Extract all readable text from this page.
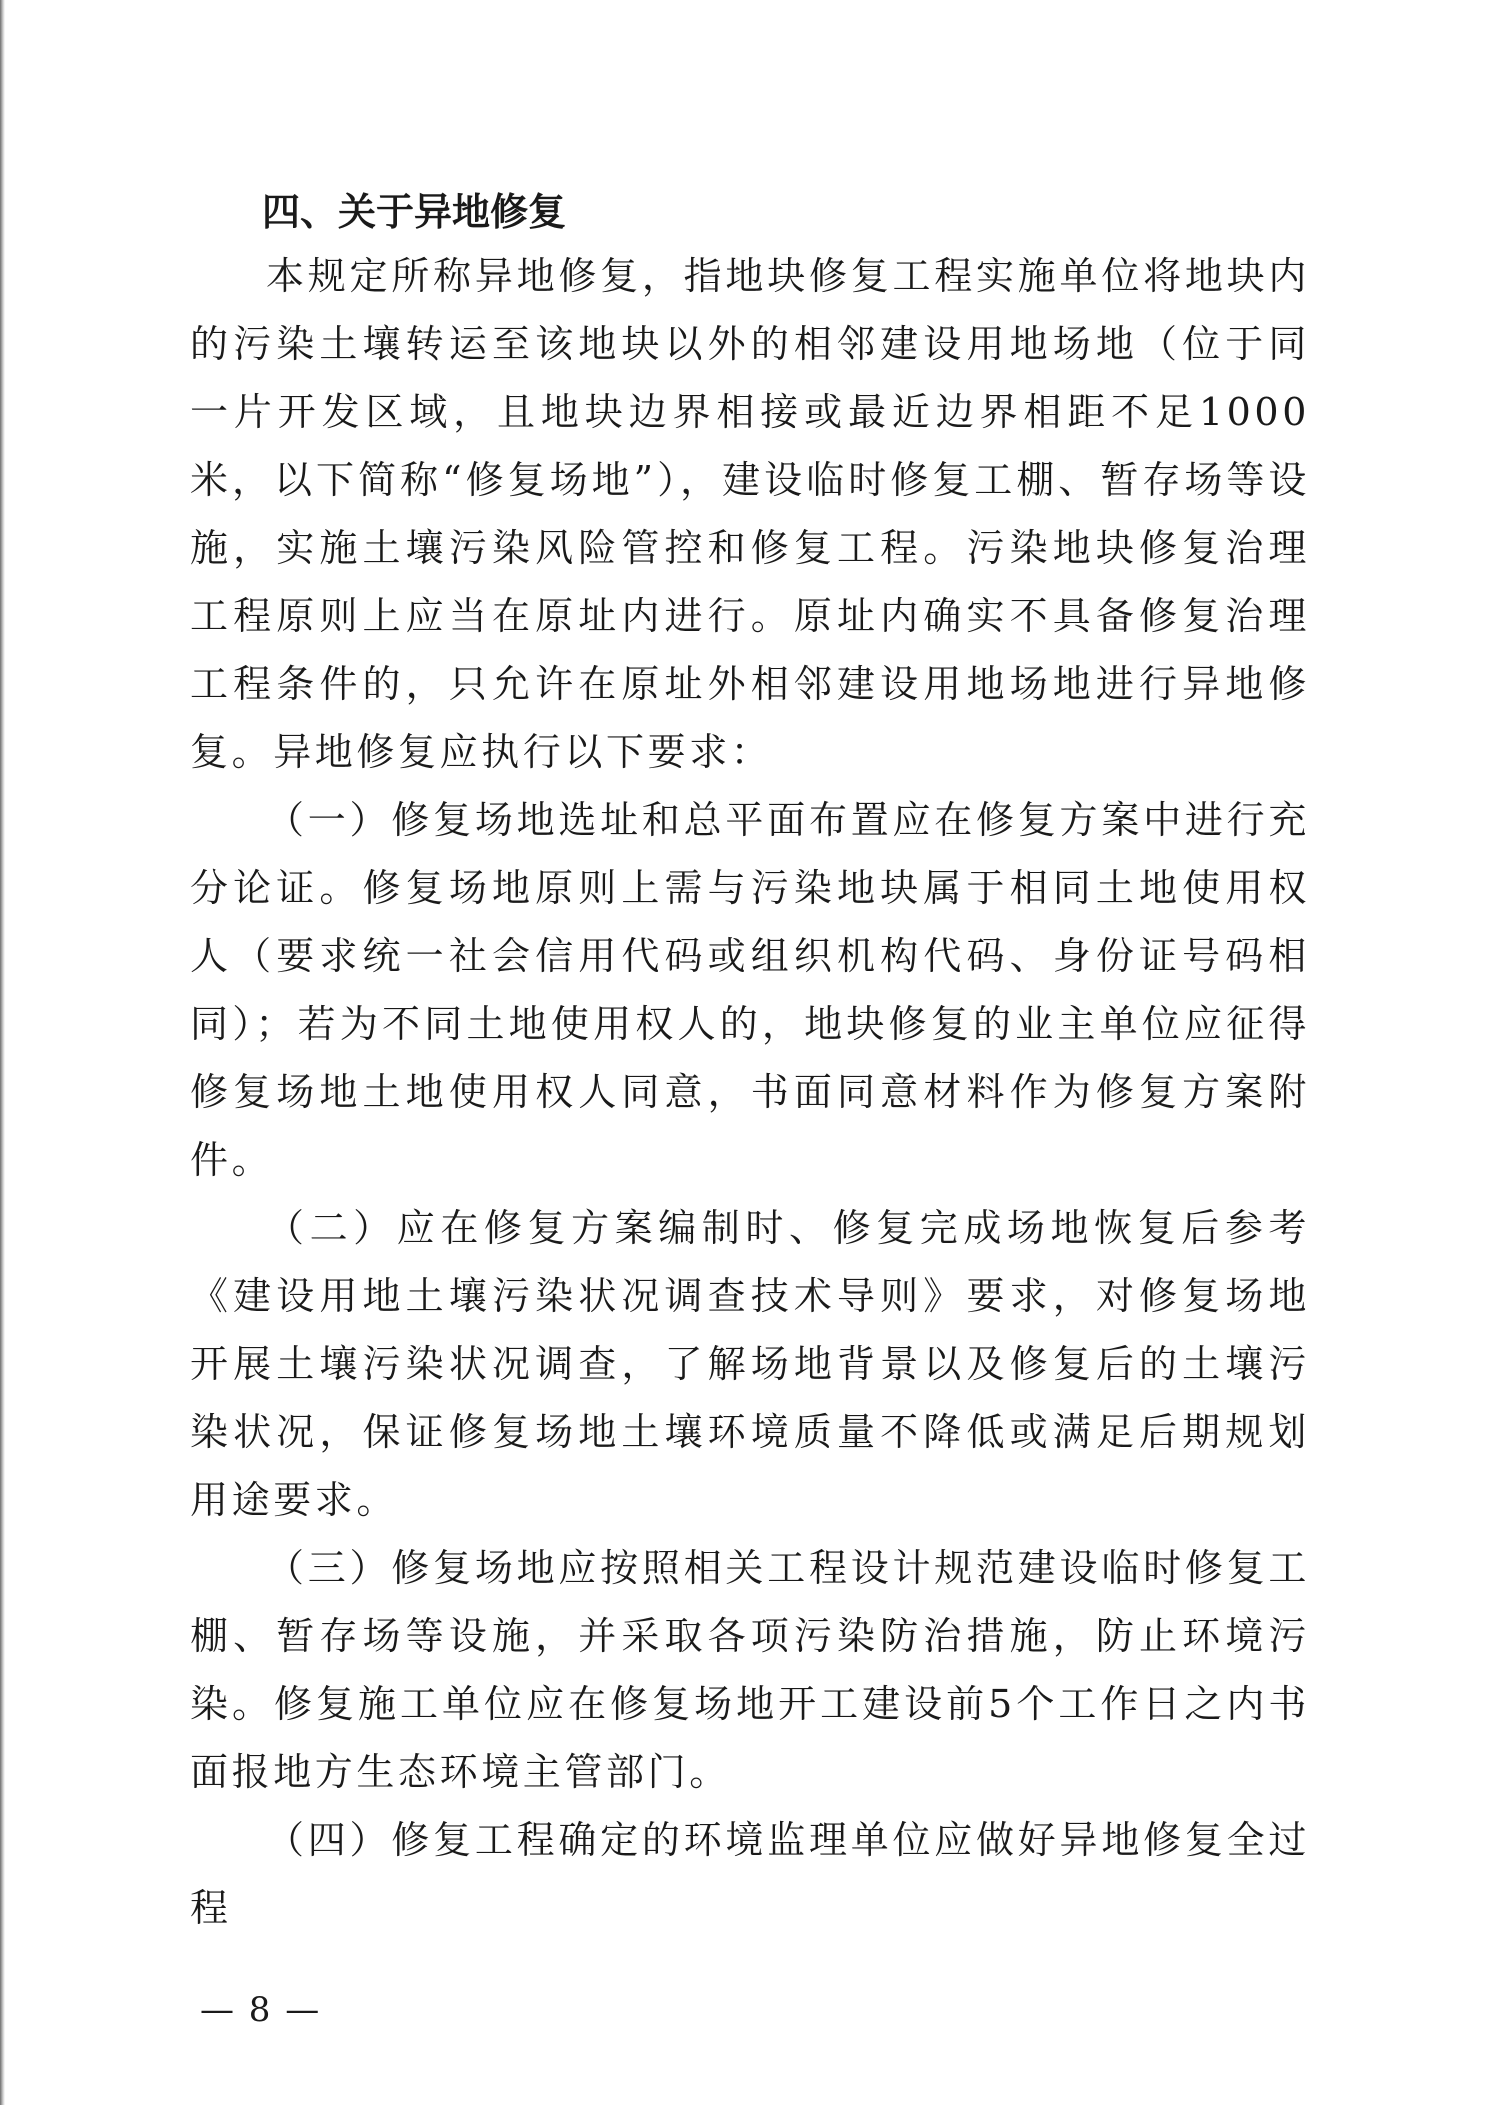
四、关于异地修复

本规定所称异地修复，指地块修复工程实施单位将地块内的污染土壤转运至该地块以外的相邻建设用地场地（位于同一片开发区域，且地块边界相接或最近边界相距不足1000米，以下简称“修复场地”），建设临时修复工棚、暂存场等设施，实施土壤污染风险管控和修复工程。污染地块修复治理工程原则上应当在原址内进行。原址内确实不具备修复治理工程条件的，只允许在原址外相邻建设用地场地进行异地修复。异地修复应执行以下要求：

（一）修复场地选址和总平面布置应在修复方案中进行充分论证。修复场地原则上需与污染地块属于相同土地使用权人（要求统一社会信用代码或组织机构代码、身份证号码相同）；若为不同土地使用权人的，地块修复的业主单位应征得修复场地土地使用权人同意，书面同意材料作为修复方案附件。

（二）应在修复方案编制时、修复完成场地恢复后参考《建设用地土壤污染状况调查技术导则》要求，对修复场地开展土壤污染状况调查，了解场地背景以及修复后的土壤污染状况，保证修复场地土壤环境质量不降低或满足后期规划用途要求。

（三）修复场地应按照相关工程设计规范建设临时修复工棚、暂存场等设施，并采取各项污染防治措施，防止环境污染。修复施工单位应在修复场地开工建设前5个工作日之内书面报地方生态环境主管部门。

（四）修复工程确定的环境监理单位应做好异地修复全过程

— 8 —
